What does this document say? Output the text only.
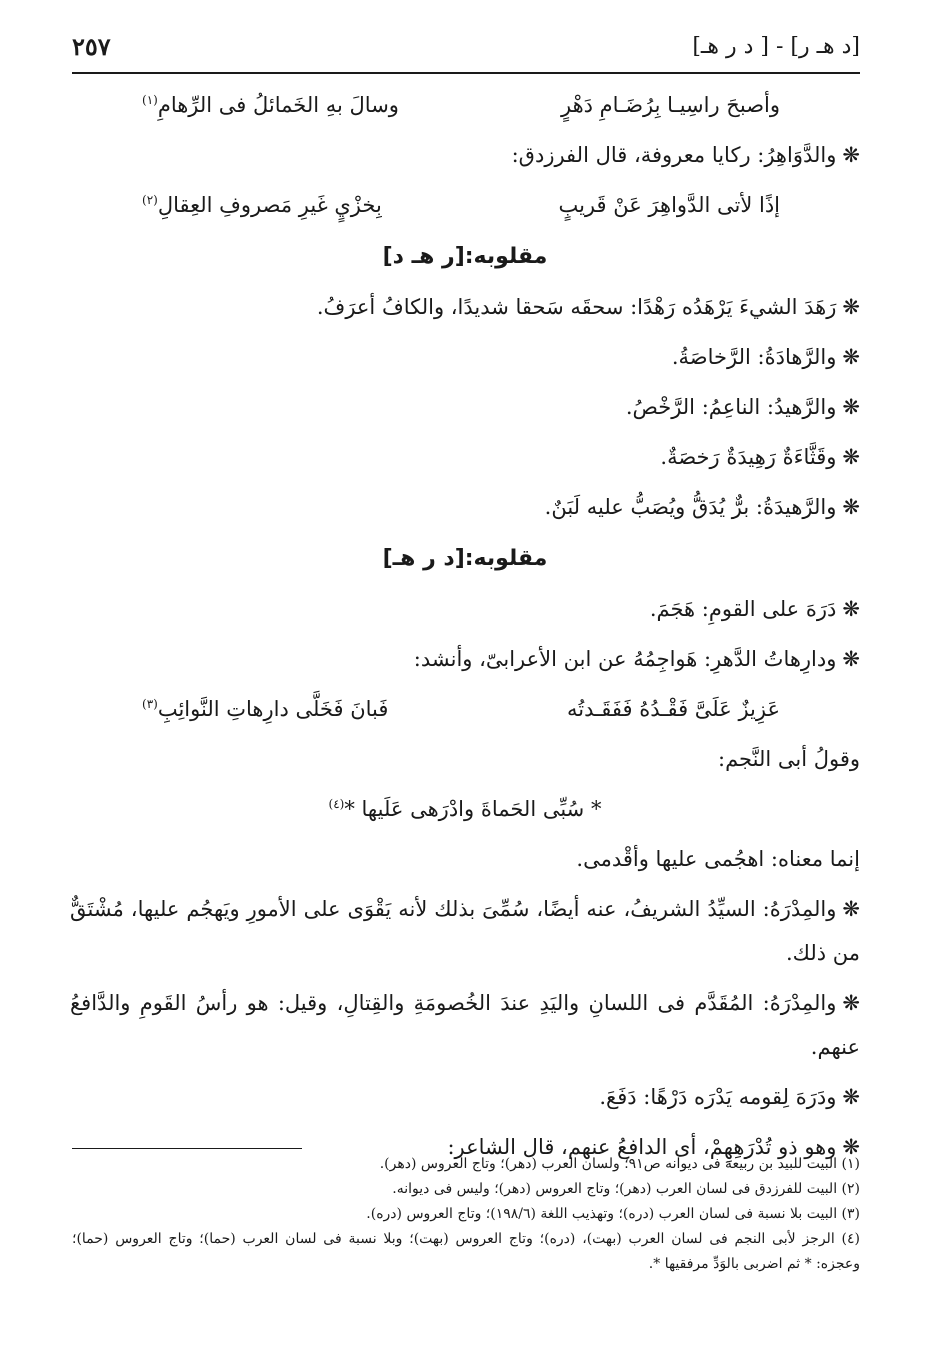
[د هـ ر] - [ د ر هـ]
٢٥٧
وأصبحَ راسِيـا بِرُضَـامِ دَهْرٍ
وسالَ بهِ الخَمائلُ فى الرِّهامِ$^{(١)}$

❋والدَّوَاهِرُ: ركايا معروفة، قال الفرزدق:

إذًا لأتى الدَّواهِرَ عَنْ قَريبٍ
بِخزْيٍ غَيرِ مَصروفِ العِقالِ$^{(٢)}$
مقلوبه:[ر هـ د]

❋رَهَدَ الشيءَ يَرْهَدُه رَهْدًا: سحقَه سَحقا شديدًا، والكافُ أعرَفُ.

❋والرَّهادَةُ: الرَّخاصَةُ.

❋والرَّهيدُ: الناعِمُ: الرَّخْصُ.

❋وقَثَّاءَةٌ رَهِيدَةٌ رَخصَةٌ.

❋والرَّهيدَةُ: برٌّ يُدَقُّ ويُصَبُّ عليه لَبَنٌ.

مقلوبه:[د ر هـ]

❋دَرَهَ على القومِ: هَجَمَ.

❋ودارِهاتُ الدَّهرِ: هَواجِمُهُ عن ابن الأعرابىّ، وأنشد:

عَزِيزٌ عَلَىَّ فَقْـدُهُ فَفَقَـدتُه
فَبانَ فَخَلَّى دارِهاتِ النَّوائِبِ$^{(٣)}$

وقولُ أبى النَّجم:

* سُبِّى الحَماةَ وادْرَهى عَلَيها *$^{(٤)}$

إنما معناه: اهجُمى عليها وأقْدمى.

❋والمِدْرَهُ: السيِّدُ الشريفُ، عنه أيضًا، سُمِّىَ بذلك لأنه يَقْوَى على الأمورِ ويَهجُم عليها، مُشْتَقٌّ من ذلك.

❋والمِدْرَهُ: المُقَدَّم فى اللسانِ واليَدِ عندَ الخُصومَةِ والقِتالِ، وقيل: هو رأسُ القَومِ والدَّافعُ عنهم.

❋ودَرَهَ لِقومه يَدْرَه دَرْهًا: دَفَعَ.

❋وهو ذو تُدْرَهِهِمْ، أى الدافعُ عنهم، قال الشاعر:

(١) البيت للبيد بن ربيعة فى ديوانه ص٩١؛ ولسان العرب (دهر)؛ وتاج العروس (دهر).

(٢) البيت للفرزدق فى لسان العرب (دهر)؛ وتاج العروس (دهر)؛ وليس فى ديوانه.

(٣) البيت بلا نسبة فى لسان العرب (دره)؛ وتهذيب اللغة (١٩٨/٦)؛ وتاج العروس (دره).

(٤) الرجز لأبى النجم فى لسان العرب (بهت)، (دره)؛ وتاج العروس (بهت)؛ وبلا نسبة فى لسان العرب (حما)؛ وتاج العروس (حما)؛ وعجزه: * ثم اضربى بالوَدِّ مرفقيها *.
